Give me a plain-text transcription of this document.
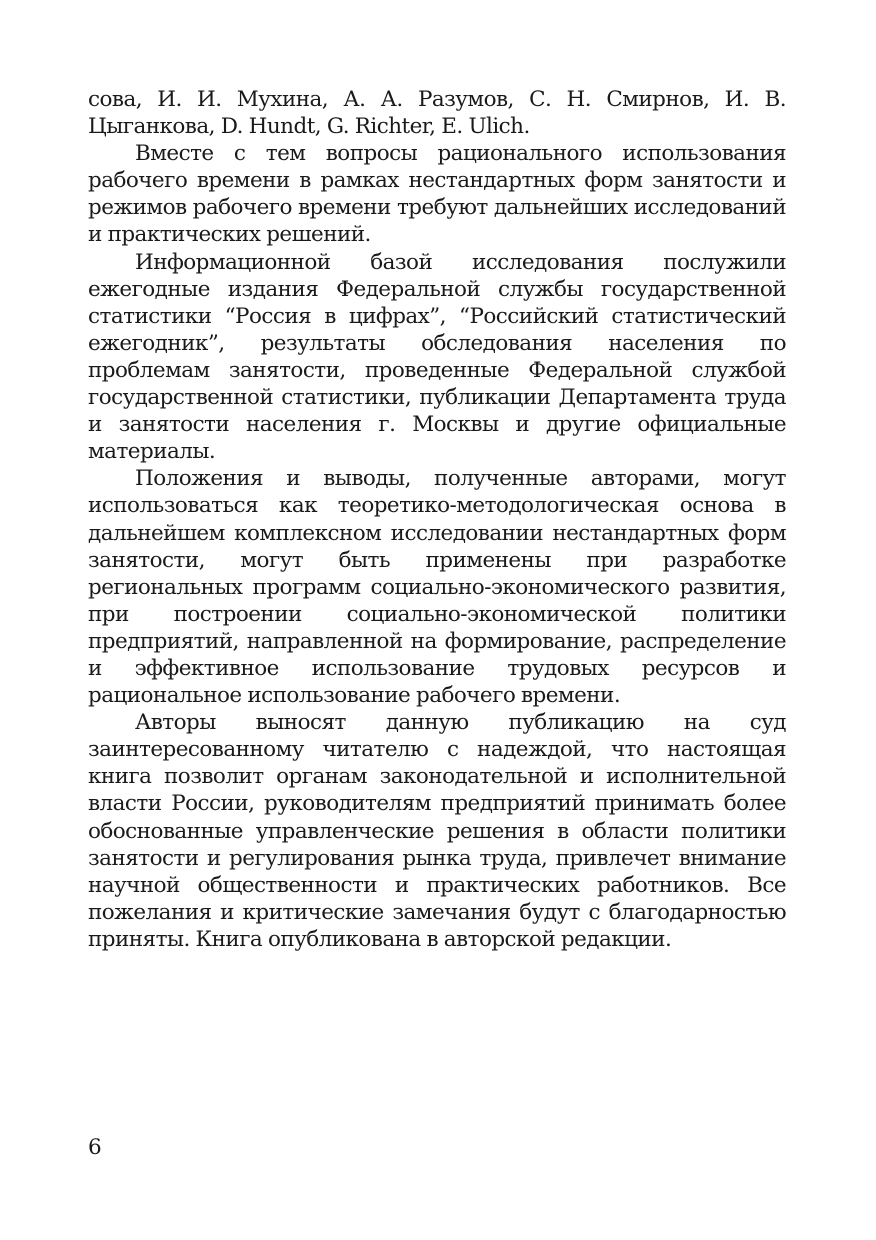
сова, И. И. Мухина, А. А. Разумов, С. Н. Смирнов, И. В. Цыганкова, D. Hundt, G. Richter, E. Ulich.

Вместе с тем вопросы рационального использования рабочего времени в рамках нестандартных форм занятости и режимов рабочего времени требуют дальнейших исследований и практических решений.

Информационной базой исследования послужили ежегодные издания Федеральной службы государственной статистики “Россия в цифрах”, “Российский статистический ежегодник”, результаты обследования населения по проблемам занятости, проведенные Федеральной службой государственной статистики, публикации Департамента труда и занятости населения г. Москвы и другие официальные материалы.

Положения и выводы, полученные авторами, могут использоваться как теоретико-методологическая основа в дальнейшем комплексном исследовании нестандартных форм занятости, могут быть применены при разработке региональных программ социально-экономического развития, при построении социально-экономической политики предприятий, направленной на формирование, распределение и эффективное использование трудовых ресурсов и рациональное использование рабочего времени.

Авторы выносят данную публикацию на суд заинтересованному читателю с надеждой, что настоящая книга позволит органам законодательной и исполнительной власти России, руководителям предприятий принимать более обоснованные управленческие решения в области политики занятости и регулирования рынка труда, привлечет внимание научной общественности и практических работников. Все пожелания и критические замечания будут с благодарностью приняты. Книга опубликована в авторской редакции.

6
